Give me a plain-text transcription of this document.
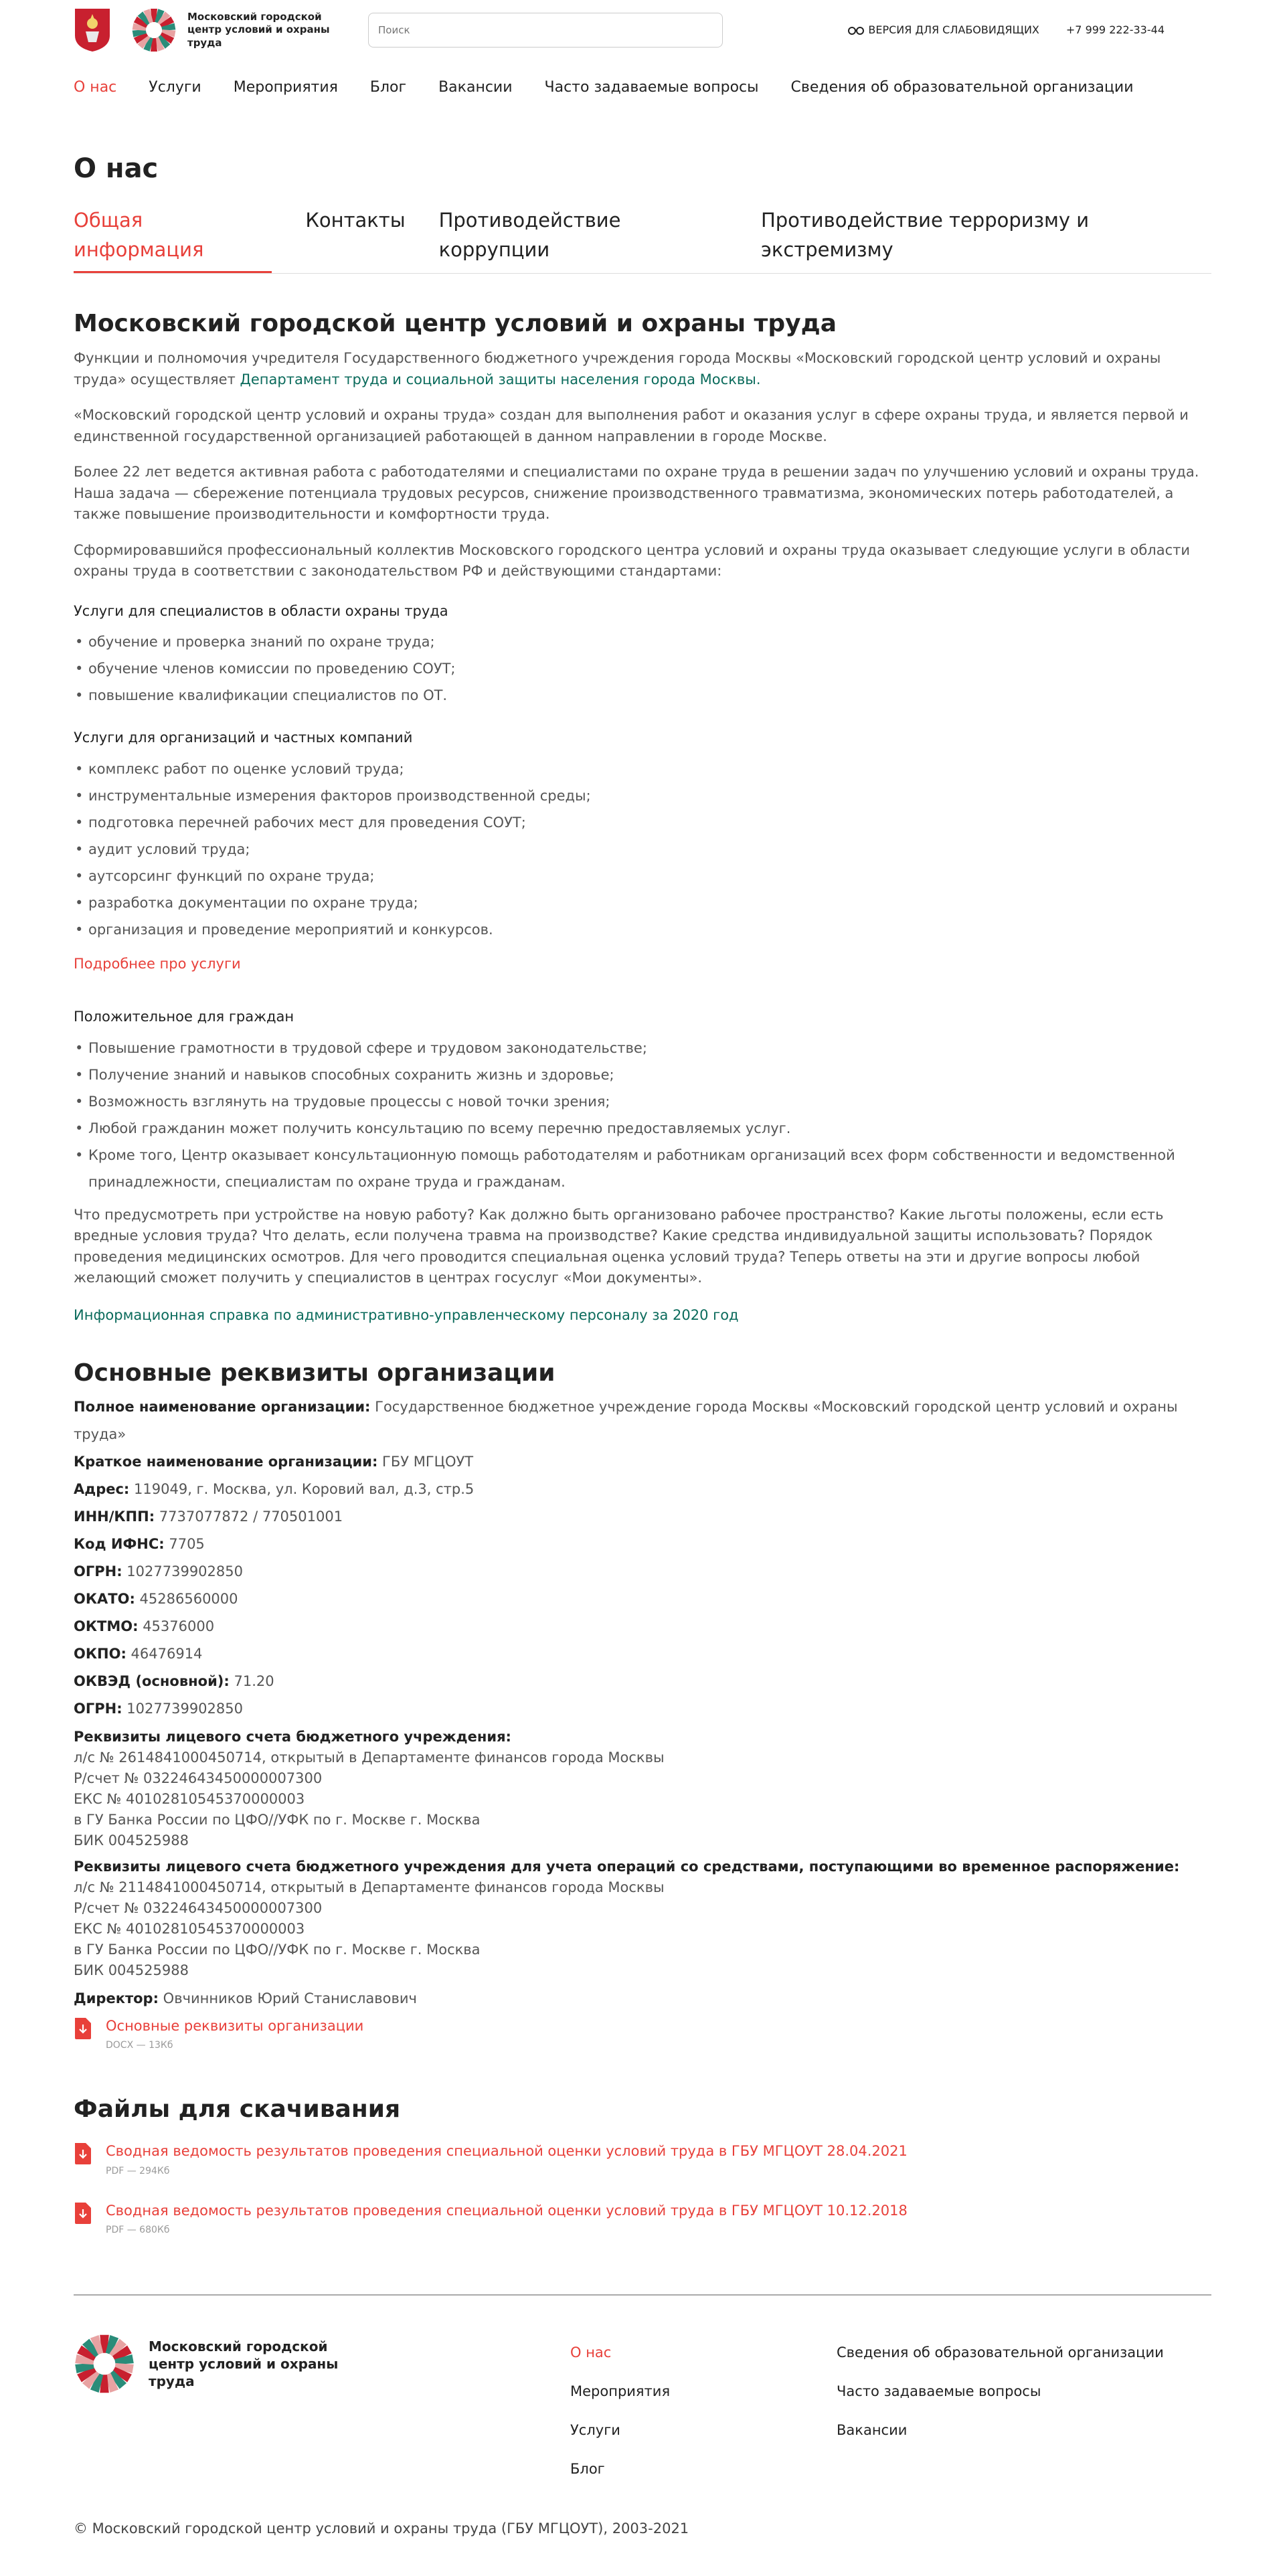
Московский городской центр условий и охраны труда
Поиск
ВЕРСИЯ ДЛЯ СЛАБОВИДЯЩИХ	+7 999 222-33-44
О нас Услуги Мероприятия Блог Вакансии Часто задаваемые вопросы Сведения об образовательной организации
О нас
Общая информация
Контакты Противодействие коррупции
Противодействие терроризму и экстремизму
Московский городской центр условий и охраны труда

Функции и полномочия учредителя Государственного бюджетного учреждения города Москвы «Московский городской центр условий и охраны труда» осуществляет Департамент труда и социальной защиты населения города Москвы.

«Московский городской центр условий и охраны труда» создан для выполнения работ и оказания услуг в сфере охраны труда, и является первой и единственной государственной организацией работающей в данном направлении в городе Москве.

Более 22 лет ведется активная работа с работодателями и специалистами по охране труда в решении задач по улучшению условий и охраны труда. Наша задача — сбережение потенциала трудовых ресурсов, снижение производственного травматизма, экономических потерь работодателей, а также повышение производительности и комфортности труда.

Сформировавшийся профессиональный коллектив Московского городского центра условий и охраны труда оказывает следующие услуги в области охраны труда в соответствии с законодательством РФ и действующими стандартами:

Услуги для специалистов в области охраны труда
• обучение и проверка знаний по охране труда;
• обучение членов комиссии по проведению СОУТ;
• повышение квалификации специалистов по ОТ.
Услуги для организаций и частных компаний
• комплекс работ по оценке условий труда;
• инструментальные измерения факторов производственной среды;
• подготовка перечней рабочих мест для проведения СОУТ;
• аудит условий труда;
• аутсорсинг функций по охране труда;
• разработка документации по охране труда;
• организация и проведение мероприятий и конкурсов.
Подробнее про услуги
Положительное для граждан
• Повышение грамотности в трудовой сфере и трудовом законодательстве;
• Получение знаний и навыков способных сохранить жизнь и здоровье;
• Возможность взглянуть на трудовые процессы с новой точки зрения;
• Любой гражданин может получить консультацию по всему перечню предоставляемых услуг.
• Кроме того, Центр оказывает консультационную помощь работодателям и работникам организаций всех форм собственности и ведомственной принадлежности, специалистам по охране труда и гражданам.

Что предусмотреть при устройстве на новую работу? Как должно быть организовано рабочее пространство? Какие льготы положены, если есть вредные условия труда? Что делать, если получена травма на производстве? Какие средства индивидуальной защиты использовать? Порядок проведения медицинских осмотров. Для чего проводится специальная оценка условий труда? Теперь ответы на эти и другие вопросы любой желающий сможет получить у специалистов в центрах госуслуг «Мои документы».

Информационная справка по административно-управленческому персоналу за 2020 год
Основные реквизиты организации
Полное наименование организации: Государственное бюджетное учреждение города Москвы «Московский городской центр условий и охраны труда»
Краткое наименование организации: ГБУ МГЦОУТ
Адрес: 119049, г. Москва, ул. Коровий вал, д.3, стр.5
ИНН/КПП: 7737077872 / 770501001
Код ИФНС: 7705
ОГРН: 1027739902850
ОКАТО: 45286560000
ОКТМО: 45376000
ОКПО: 46476914
ОКВЭД (основной): 71.20
ОГРН: 1027739902850
Реквизиты лицевого счета бюджетного учреждения:
л/с № 2614841000450714, открытый в Департаменте финансов города Москвы
Р/счет № 03224643450000007300
ЕКС № 40102810545370000003
в ГУ Банка России по ЦФО//УФК по г. Москве г. Москва
БИК 004525988
Реквизиты лицевого счета бюджетного учреждения для учета операций со средствами, поступающими во временное распоряжение:
л/с № 2114841000450714, открытый в Департаменте финансов города Москвы
Р/счет № 03224643450000007300
ЕКС № 40102810545370000003
в ГУ Банка России по ЦФО//УФК по г. Москве г. Москва
БИК 004525988
Директор: Овчинников Юрий Станиславович
Основные реквизиты организации
DOCX — 13Кб
Файлы для скачивания
Сводная ведомость результатов проведения специальной оценки условий труда в ГБУ МГЦОУТ 28.04.2021
PDF — 294Кб
Сводная ведомость результатов проведения специальной оценки условий труда в ГБУ МГЦОУТ 10.12.2018
PDF — 680Кб
Московский городской центр условий и охраны труда
О нас
Мероприятия
Услуги
Блог
Сведения об образовательной организации
Часто задаваемые вопросы
Вакансии
© Московский городской центр условий и охраны труда (ГБУ МГЦОУТ), 2003-2021
